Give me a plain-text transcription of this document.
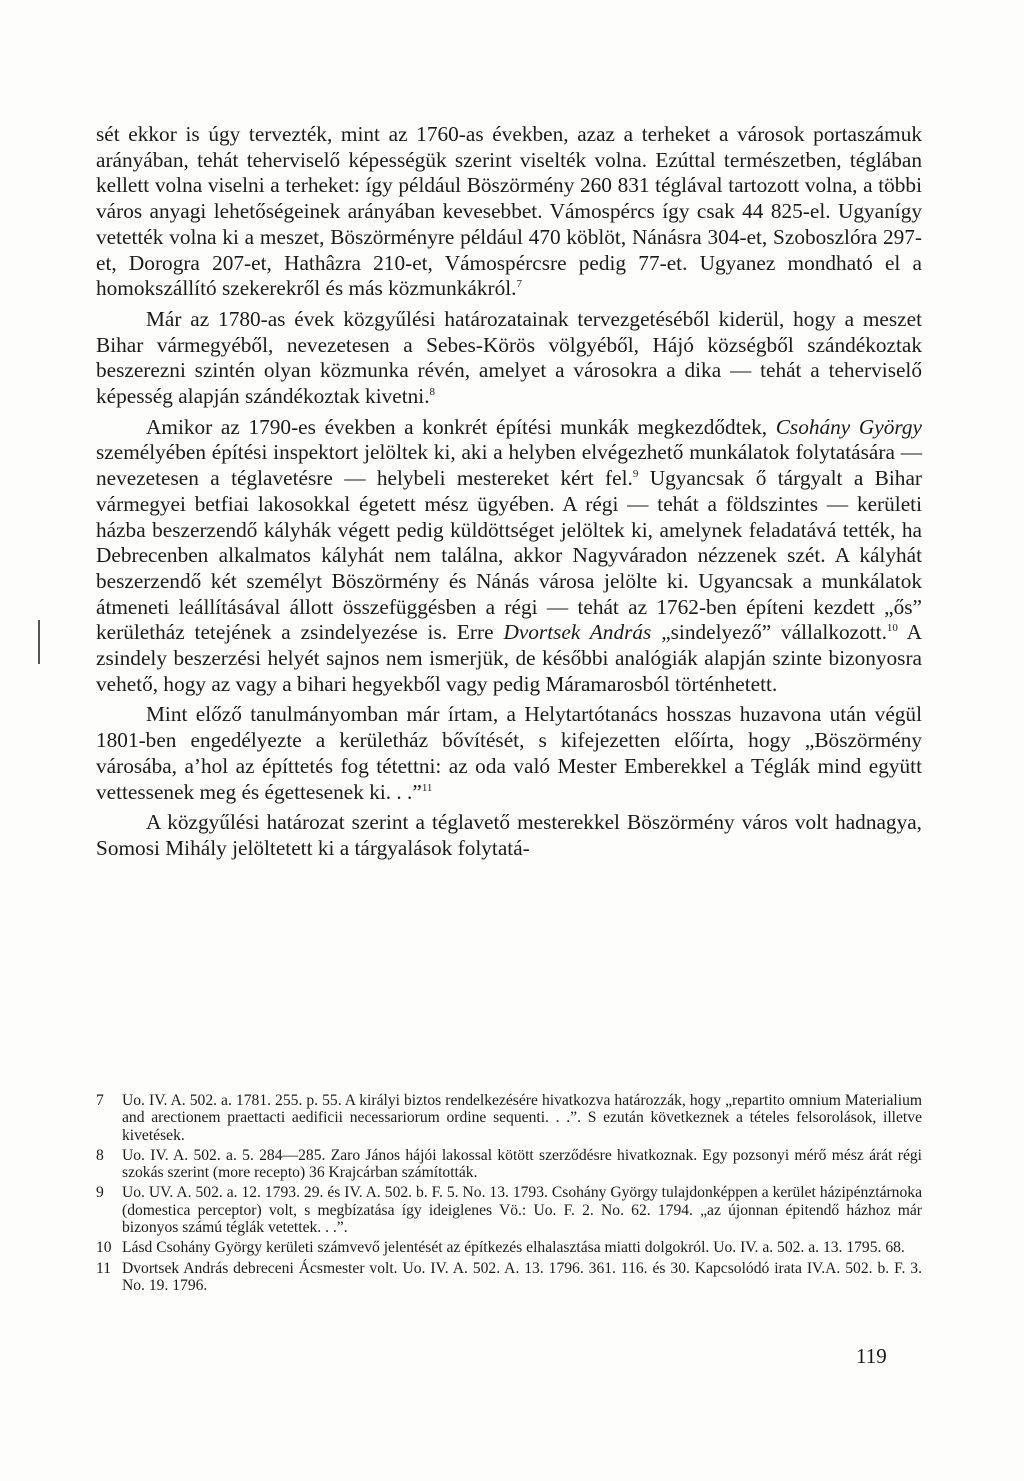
sét ekkor is úgy tervezték, mint az 1760-as években, azaz a terheket a városok portaszámuk arányában, tehát teherviselő képességük szerint viselték volna. Ezúttal természetben, téglában kellett volna viselni a terheket: így például Böszörmény 260 831 téglával tartozott volna, a többi város anyagi lehetőségeinek arányában kevesebbet. Vámospércs így csak 44 825-el. Ugyanígy vetették volna ki a meszet, Böszörményre például 470 köblöt, Nánásra 304-et, Szoboszlóra 297-et, Dorogra 207-et, Hathâzra 210-et, Vámospércsre pedig 77-et. Ugyanez mondható el a homokszállító szekerekről és más közmunkákról.$^7$

Már az 1780-as évek közgyűlési határozatainak tervezgetéséből kiderül, hogy a meszet Bihar vármegyéből, nevezetesen a Sebes-Körös völgyéből, Hájó községből szándékoztak beszerezni szintén olyan közmunka révén, amelyet a városokra a dika — tehát a teherviselő képesség alapján szándékoztak kivetni.$^8$

Amikor az 1790-es években a konkrét építési munkák megkezdődtek, Csohány György személyében építési inspektort jelöltek ki, aki a helyben elvégezhető munkálatok folytatására — nevezetesen a téglavetésre — helybeli mestereket kért fel.$^9$ Ugyancsak ő tárgyalt a Bihar vármegyei betfiai lakosokkal égetett mész ügyében. A régi — tehát a földszintes — kerületi házba beszerzendő kályhák végett pedig küldöttséget jelöltek ki, amelynek feladatává tették, ha Debrecenben alkalmatos kályhát nem találna, akkor Nagyváradon nézzenek szét. A kályhát beszerzendő két személyt Böszörmény és Nánás városa jelölte ki. Ugyancsak a munkálatok átmeneti leállításával állott összefüggésben a régi — tehát az 1762-ben építeni kezdett „ős” kerületház tetejének a zsindelyezése is. Erre Dvortsek András „sindelyező” vállalkozott.$^{10}$ A zsindely beszerzési helyét sajnos nem ismerjük, de későbbi analógiák alapján szinte bizonyosra vehető, hogy az vagy a bihari hegyekből vagy pedig Máramarosból történhetett.

Mint előző tanulmányomban már írtam, a Helytartótanács hosszas huzavona után végül 1801-ben engedélyezte a kerületház bővítését, s kifejezetten előírta, hogy „Böszörmény városába, a’hol az építtetés fog tétettni: az oda való Mester Emberekkel a Téglák mind együtt vettessenek meg és égettesenek ki. . .”$^{11}$

A közgyűlési határozat szerint a téglavető mesterekkel Böszörmény város volt hadnagya, Somosi Mihály jelöltetett ki a tárgyalások folytatá-

7	Uo. IV. A. 502. a. 1781. 255. p. 55. A királyi biztos rendelkezésére hivatkozva határozzák, hogy „repartito omnium Materialium and arectionem praettacti aedificii necessariorum ordine sequenti. . .”. S ezután következnek a tételes felsorolások, illetve kivetések.
8	Uo. IV. A. 502. a. 5. 284—285. Zaro János hájói lakossal kötött szerződésre hivatkoznak. Egy pozsonyi mérő mész árát régi szokás szerint (more recepto) 36 Krajcárban számították.
9	Uo. UV. A. 502. a. 12. 1793. 29. és IV. A. 502. b. F. 5. No. 13. 1793. Csohány György tulajdonképpen a kerület házipénztárnoka (domestica perceptor) volt, s megbízatása így ideiglenes Vö.: Uo. F. 2. No. 62. 1794. „az újonnan épitendő házhoz már bizonyos számú téglák vetettek. . .”.
10 Lásd Csohány György kerületi számvevő jelentését az építkezés elhalasztása miatti dolgokról. Uo. IV. a. 502. a. 13. 1795. 68.
11 Dvortsek András debreceni Ácsmester volt. Uo. IV. A. 502. A. 13. 1796. 361. 116. és 30. Kapcsolódó irata IV.A. 502. b. F. 3. No. 19. 1796.
119
